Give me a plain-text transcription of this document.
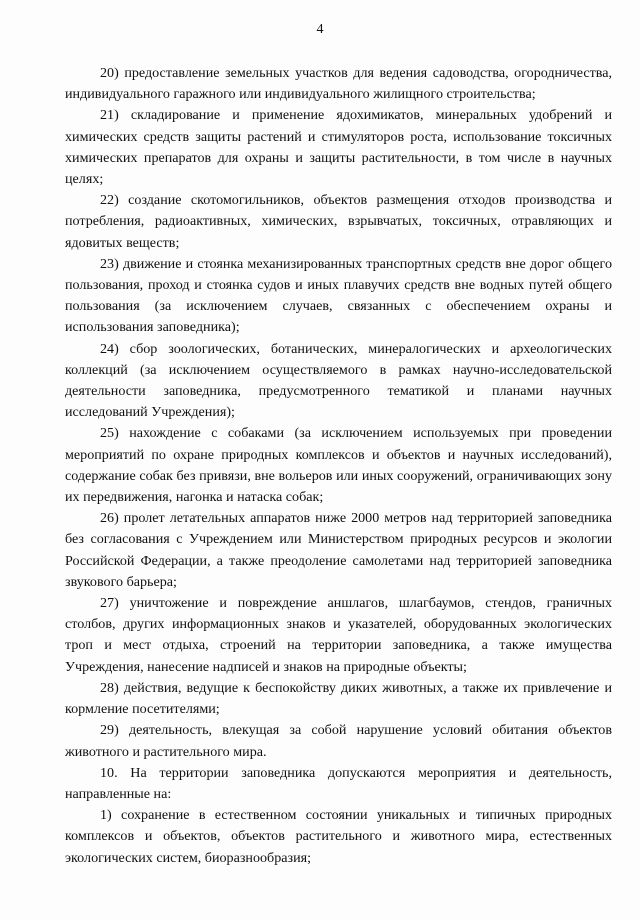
4

20) предоставление земельных участков для ведения садоводства, огородничества, индивидуального гаражного или индивидуального жилищного строительства;

21) складирование и применение ядохимикатов, минеральных удобрений и химических средств защиты растений и стимуляторов роста, использование токсичных химических препаратов для охраны и защиты растительности, в том числе в научных целях;

22) создание скотомогильников, объектов размещения отходов производства и потребления, радиоактивных, химических, взрывчатых, токсичных, отравляющих и ядовитых веществ;

23) движение и стоянка механизированных транспортных средств вне дорог общего пользования, проход и стоянка судов и иных плавучих средств вне водных путей общего пользования (за исключением случаев, связанных с обеспечением охраны и использования заповедника);

24) сбор зоологических, ботанических, минералогических и археологических коллекций (за исключением осуществляемого в рамках научно-исследовательской деятельности заповедника, предусмотренного тематикой и планами научных исследований Учреждения);

25) нахождение с собаками (за исключением используемых при проведении мероприятий по охране природных комплексов и объектов и научных исследований), содержание собак без привязи, вне вольеров или иных сооружений, ограничивающих зону их передвижения, нагонка и натаска собак;

26) пролет летательных аппаратов ниже 2000 метров над территорией заповедника без согласования с Учреждением или Министерством природных ресурсов и экологии Российской Федерации, а также преодоление самолетами над территорией заповедника звукового барьера;

27) уничтожение и повреждение аншлагов, шлагбаумов, стендов, граничных столбов, других информационных знаков и указателей, оборудованных экологических троп и мест отдыха, строений на территории заповедника, а также имущества Учреждения, нанесение надписей и знаков на природные объекты;

28) действия, ведущие к беспокойству диких животных, а также их привлечение и кормление посетителями;

29) деятельность, влекущая за собой нарушение условий обитания объектов животного и растительного мира.

10. На территории заповедника допускаются мероприятия и деятельность, направленные на:

1) сохранение в естественном состоянии уникальных и типичных природных комплексов и объектов, объектов растительного и животного мира, естественных экологических систем, биоразнообразия;
